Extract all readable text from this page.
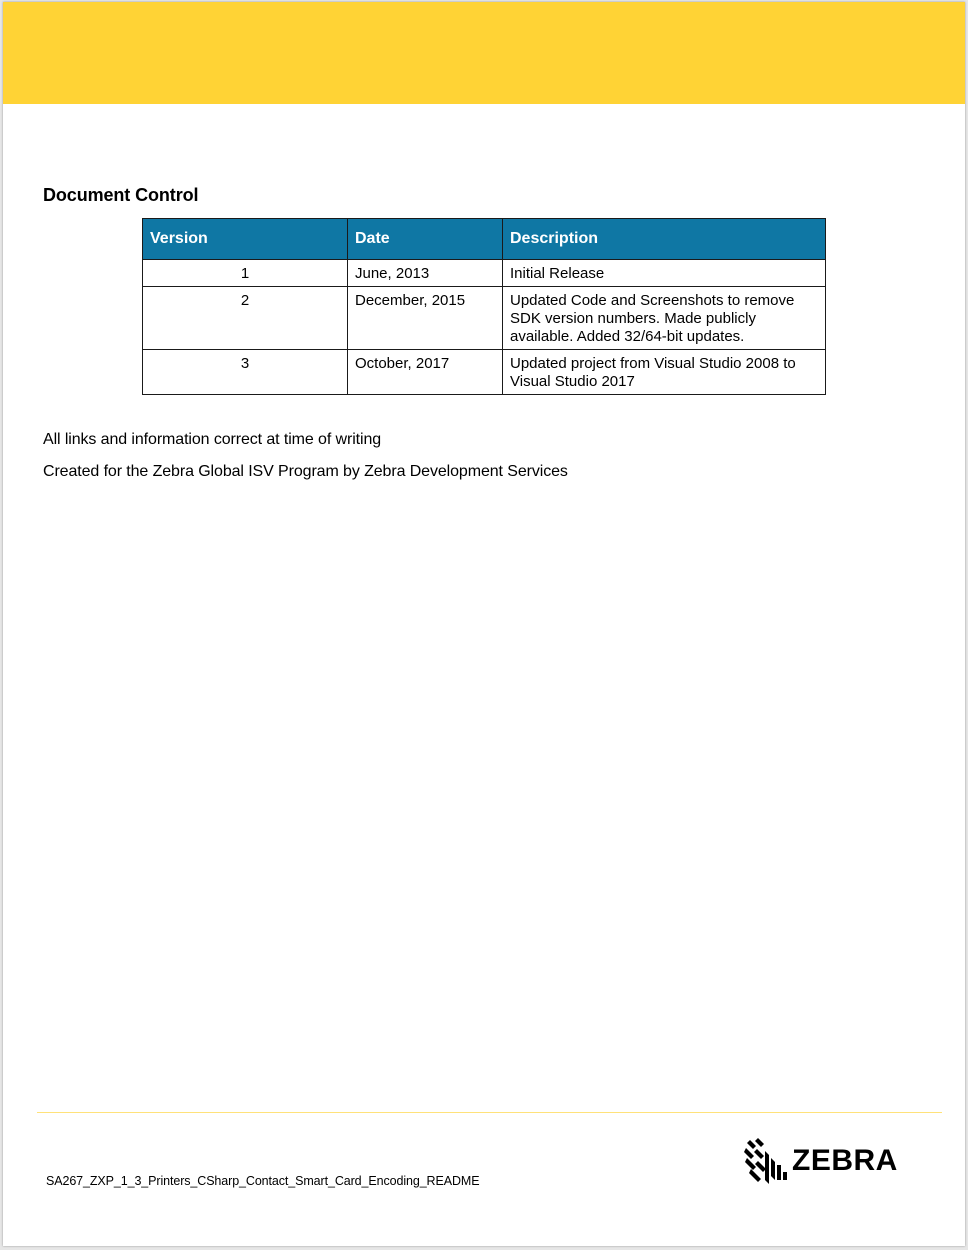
Document Control
Version	Date	Description
1	June, 2013	Initial Release

2	December, 2015	Updated Code and Screenshots to remove
SDK version numbers. Made publicly
available. Added 32/64-bit updates.

3	October, 2017	Updated project from Visual Studio 2008 to
Visual Studio 2017
All links and information correct at time of writing
Created for the Zebra Global ISV Program by Zebra Development Services
SA267_ZXP_1_3_Printers_CSharp_Contact_Smart_Card_Encoding_README
ZEBRA
